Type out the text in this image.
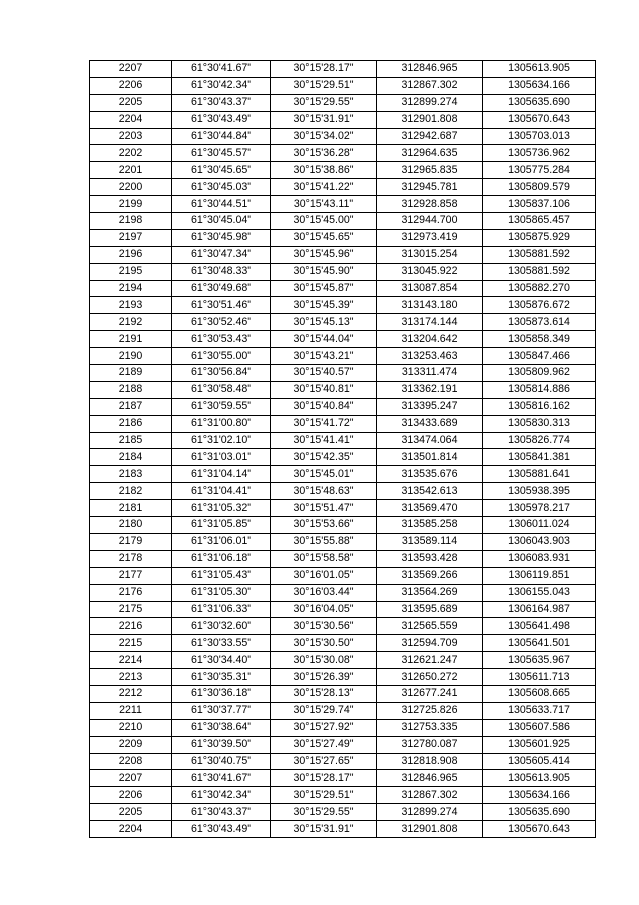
2207	61°30'41.67"	30°15'28.17"	312846.965	1305613.905
2206	61°30'42.34"	30°15'29.51"	312867.302	1305634.166
2205	61°30'43.37"	30°15'29.55"	312899.274	1305635.690
2204	61°30'43.49"	30°15'31.91"	312901.808	1305670.643
2203	61°30'44.84"	30°15'34.02"	312942.687	1305703.013
2202	61°30'45.57"	30°15'36.28"	312964.635	1305736.962
2201	61°30'45.65"	30°15'38.86"	312965.835	1305775.284
2200	61°30'45.03"	30°15'41.22"	312945.781	1305809.579
2199	61°30'44.51"	30°15'43.11"	312928.858	1305837.106
2198	61°30'45.04"	30°15'45.00"	312944.700	1305865.457
2197	61°30'45.98"	30°15'45.65"	312973.419	1305875.929
2196	61°30'47.34"	30°15'45.96"	313015.254	1305881.592
2195	61°30'48.33"	30°15'45.90"	313045.922	1305881.592
2194	61°30'49.68"	30°15'45.87"	313087.854	1305882.270
2193	61°30'51.46"	30°15'45.39"	313143.180	1305876.672
2192	61°30'52.46"	30°15'45.13"	313174.144	1305873.614
2191	61°30'53.43"	30°15'44.04"	313204.642	1305858.349
2190	61°30'55.00"	30°15'43.21"	313253.463	1305847.466
2189	61°30'56.84"	30°15'40.57"	313311.474	1305809.962
2188	61°30'58.48"	30°15'40.81"	313362.191	1305814.886
2187	61°30'59.55"	30°15'40.84"	313395.247	1305816.162
2186	61°31'00.80"	30°15'41.72"	313433.689	1305830.313
2185	61°31'02.10"	30°15'41.41"	313474.064	1305826.774
2184	61°31'03.01"	30°15'42.35"	313501.814	1305841.381
2183	61°31'04.14"	30°15'45.01"	313535.676	1305881.641
2182	61°31'04.41"	30°15'48.63"	313542.613	1305938.395
2181	61°31'05.32"	30°15'51.47"	313569.470	1305978.217
2180	61°31'05.85"	30°15'53.66"	313585.258	1306011.024
2179	61°31'06.01"	30°15'55.88"	313589.114	1306043.903
2178	61°31'06.18"	30°15'58.58"	313593.428	1306083.931
2177	61°31'05.43"	30°16'01.05"	313569.266	1306119.851
2176	61°31'05.30"	30°16'03.44"	313564.269	1306155.043
2175	61°31'06.33"	30°16'04.05"	313595.689	1306164.987
2216	61°30'32.60"	30°15'30.56"	312565.559	1305641.498
2215	61°30'33.55"	30°15'30.50"	312594.709	1305641.501
2214	61°30'34.40"	30°15'30.08"	312621.247	1305635.967
2213	61°30'35.31"	30°15'26.39"	312650.272	1305611.713
2212	61°30'36.18"	30°15'28.13"	312677.241	1305608.665
2211	61°30'37.77"	30°15'29.74"	312725.826	1305633.717
2210	61°30'38.64"	30°15'27.92"	312753.335	1305607.586
2209	61°30'39.50"	30°15'27.49"	312780.087	1305601.925
2208	61°30'40.75"	30°15'27.65"	312818.908	1305605.414
2207	61°30'41.67"	30°15'28.17"	312846.965	1305613.905
2206	61°30'42.34"	30°15'29.51"	312867.302	1305634.166
2205	61°30'43.37"	30°15'29.55"	312899.274	1305635.690
2204	61°30'43.49"	30°15'31.91"	312901.808	1305670.643
